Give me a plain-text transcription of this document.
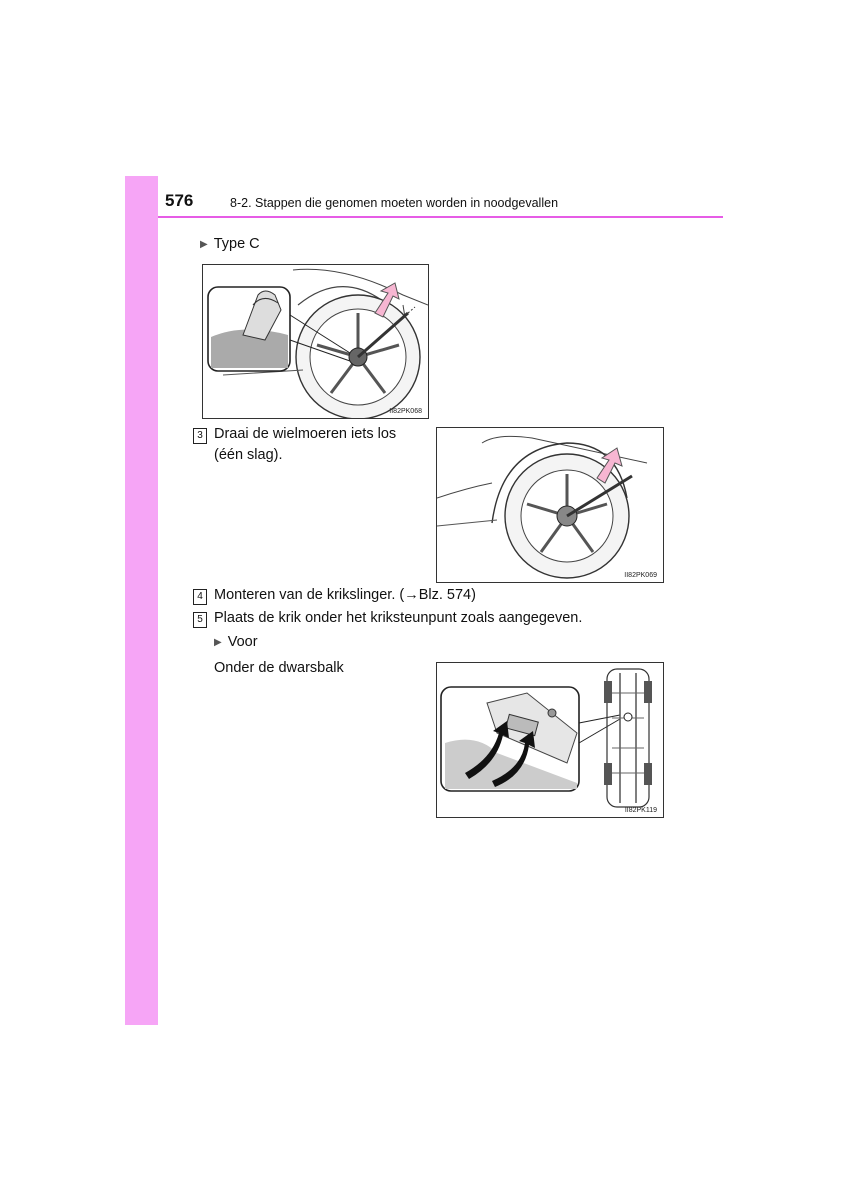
576	8-2. Stappen die genomen moeten worden in noodgevallen
▶ Type C
II82PK068
3 Draai de wielmoeren iets los
(één slag).
II82PK069
4 Monteren van de krikslinger. (→Blz. 574)
5 Plaats de krik onder het kriksteunpunt zoals aangegeven.
▶ Voor
Onder de dwarsbalk
II82PK119
